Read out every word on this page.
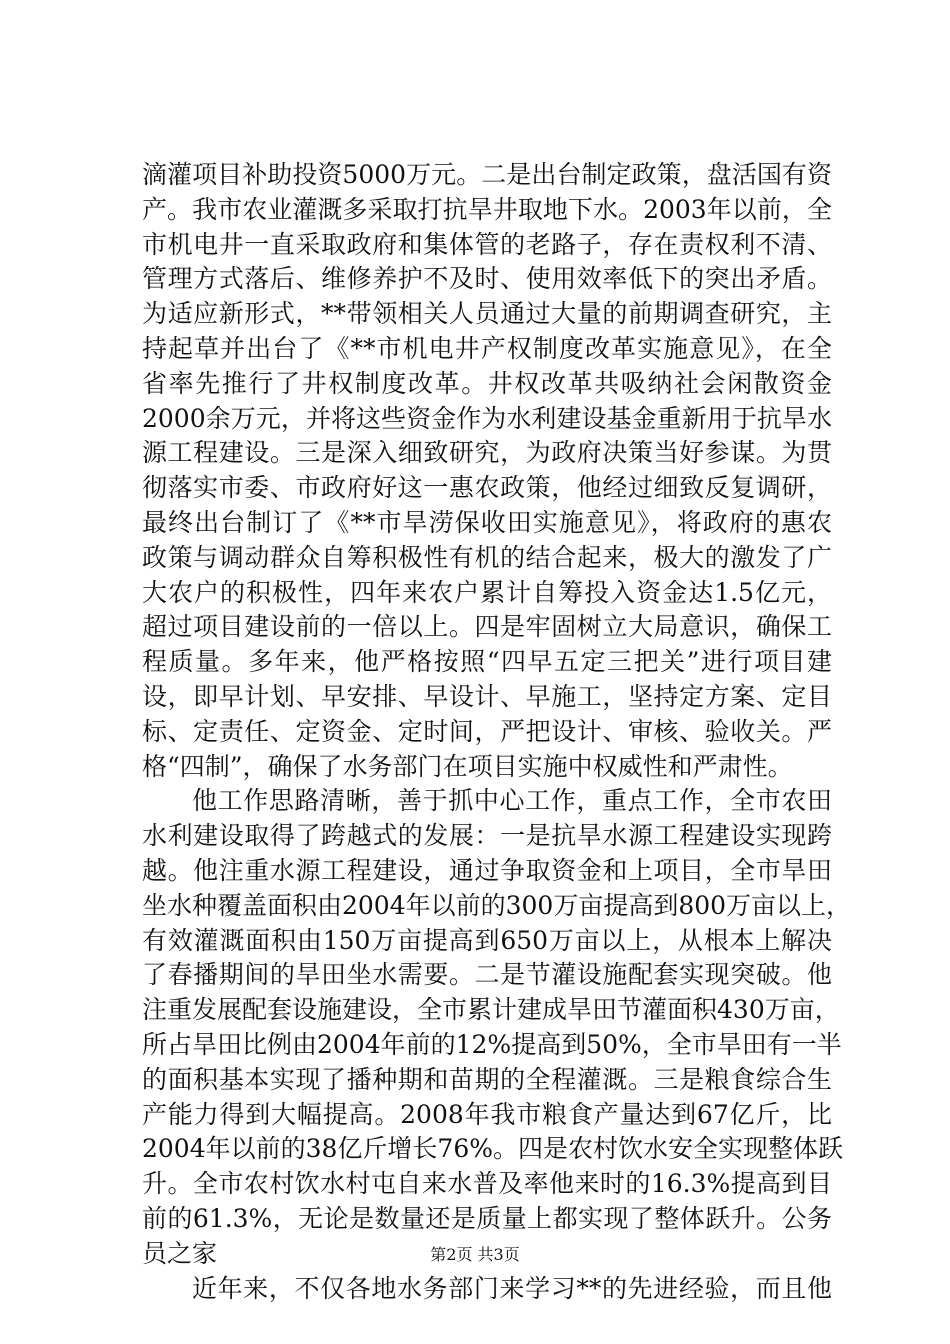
滴灌项目补助投资5000万元。二是出台制定政策，盘活国有资
产。我市农业灌溉多采取打抗旱井取地下水。2003年以前，全
市机电井一直采取政府和集体管的老路子，存在责权利不清、
管理方式落后、维修养护不及时、使用效率低下的突出矛盾。
为适应新形式，**带领相关人员通过大量的前期调查研究，主
持起草并出台了《**市机电井产权制度改革实施意见》，在全
省率先推行了井权制度改革。井权改革共吸纳社会闲散资金
2000余万元，并将这些资金作为水利建设基金重新用于抗旱水
源工程建设。三是深入细致研究，为政府决策当好参谋。为贯
彻落实市委、市政府好这一惠农政策，他经过细致反复调研，
最终出台制订了《**市旱涝保收田实施意见》，将政府的惠农
政策与调动群众自筹积极性有机的结合起来，极大的激发了广
大农户的积极性，四年来农户累计自筹投入资金达1.5亿元，
超过项目建设前的一倍以上。四是牢固树立大局意识，确保工
程质量。多年来，他严格按照“四早五定三把关”进行项目建
设，即早计划、早安排、早设计、早施工，坚持定方案、定目
标、定责任、定资金、定时间，严把设计、审核、验收关。严
格“四制”，确保了水务部门在项目实施中权威性和严肃性。
他工作思路清晰，善于抓中心工作，重点工作，全市农田
水利建设取得了跨越式的发展：一是抗旱水源工程建设实现跨
越。他注重水源工程建设，通过争取资金和上项目，全市旱田
坐水种覆盖面积由2004年以前的300万亩提高到800万亩以上，
有效灌溉面积由150万亩提高到650万亩以上，从根本上解决
了春播期间的旱田坐水需要。二是节灌设施配套实现突破。他
注重发展配套设施建设，全市累计建成旱田节灌面积430万亩，
所占旱田比例由2004年前的12%提高到50%，全市旱田有一半
的面积基本实现了播种期和苗期的全程灌溉。三是粮食综合生
产能力得到大幅提高。2008年我市粮食产量达到67亿斤，比
2004年以前的38亿斤增长76%。四是农村饮水安全实现整体跃
升。全市农村饮水村屯自来水普及率他来时的16.3%提高到目
前的61.3%，无论是数量还是质量上都实现了整体跃升。公务
员之家
近年来，不仅各地水务部门来学习**的先进经验，而且他
第2页 共3页
